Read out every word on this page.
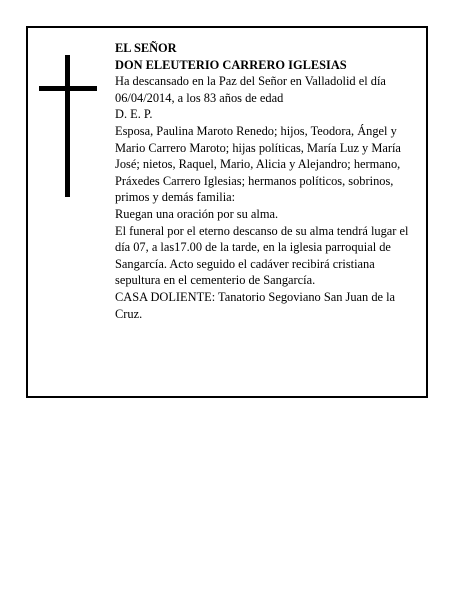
EL SEÑOR
DON ELEUTERIO CARRERO IGLESIAS
Ha descansado en la Paz del Señor en Valladolid el día 06/04/2014, a los 83 años de edad
D. E. P.
Esposa, Paulina Maroto Renedo; hijos, Teodora, Ángel y Mario Carrero Maroto; hijas políticas, María Luz y María José; nietos, Raquel, Mario, Alicia y Alejandro; hermano, Práxedes Carrero Iglesias; hermanos políticos, sobrinos, primos y demás familia:
Ruegan una oración por su alma.
El funeral por el eterno descanso de su alma tendrá lugar el día 07, a las17.00 de la tarde, en la iglesia parroquial de Sangarcía. Acto seguido el cadáver recibirá cristiana sepultura en el cementerio de Sangarcía.
CASA DOLIENTE: Tanatorio Segoviano San Juan de la Cruz.
